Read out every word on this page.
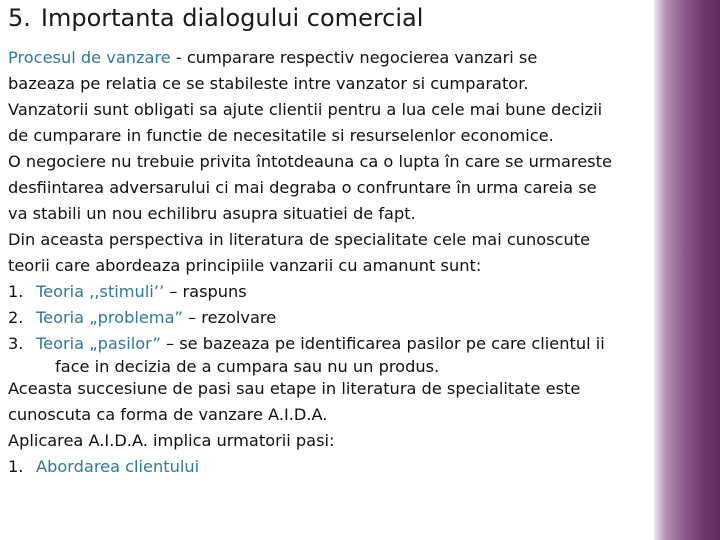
5. Importanta dialogului comercial

Procesul de vanzare - cumparare respectiv negocierea vanzari se

bazeaza pe relatia ce se stabileste intre vanzator si cumparator.

Vanzatorii sunt obligati sa ajute clientii pentru a lua cele mai bune decizii

de cumparare in functie de necesitatile si resurselenlor economice.

O negociere nu trebuie privita întotdeauna ca o lupta în care se urmareste

desfiintarea adversarului ci mai degraba o confruntare în urma careia se

va stabili un nou echilibru asupra situatiei de fapt.

Din aceasta perspectiva in literatura de specialitate cele mai cunoscute

teorii care abordeaza principiile vanzarii cu amanunt sunt:

1. Teoria ,,stimuli’’ – raspuns

2. Teoria „problema” – rezolvare

3. Teoria „pasilor” – se bazeaza pe identificarea pasilor pe care clientul ii

face in decizia de a cumpara sau nu un produs.

Aceasta succesiune de pasi sau etape in literatura de specialitate este

cunoscuta ca forma de vanzare A.I.D.A.

Aplicarea A.I.D.A. implica urmatorii pasi:

1. Abordarea clientului
